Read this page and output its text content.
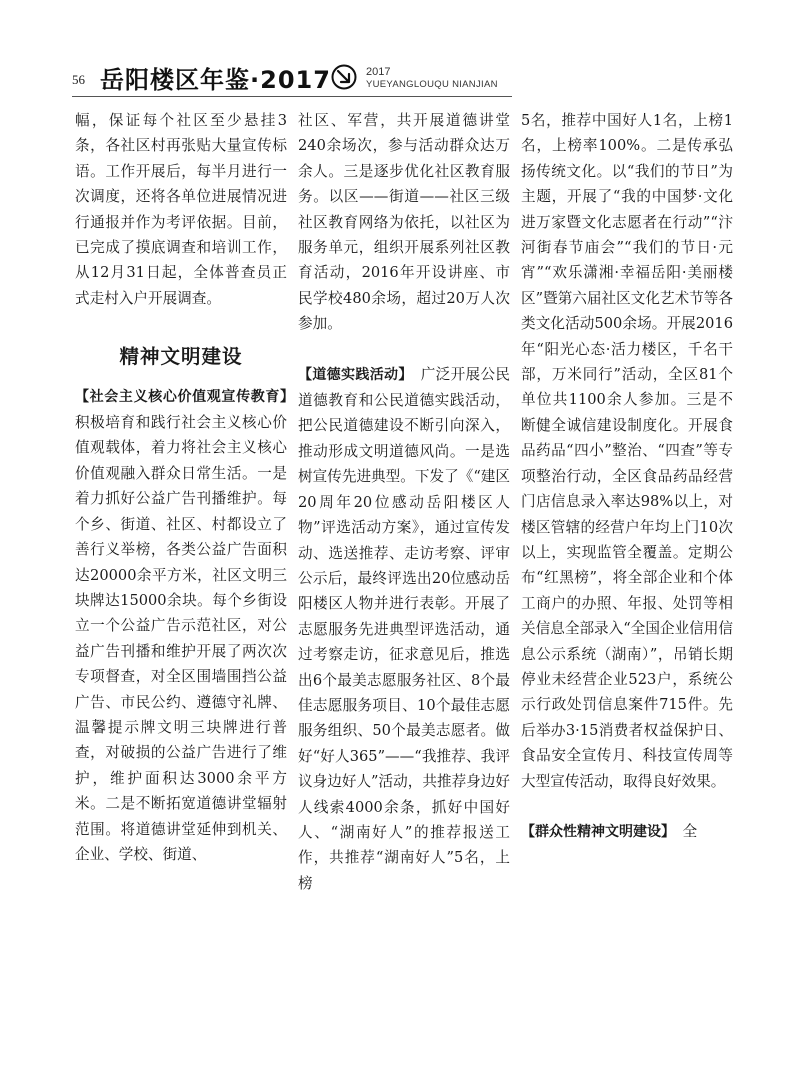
56 岳阳楼区年鉴·2017	2017
YUEYANGLOUQU NIANJIAN

幅，保证每个社区至少悬挂3条，各社区村再张贴大量宣传标语。工作开展后，每半月进行一次调度，还将各单位进展情况进行通报并作为考评依据。目前，已完成了摸底调查和培训工作，从12月31日起，全体普查员正式走村入户开展调查。

精神文明建设

【社会主义核心价值观宣传教育】　积极培育和践行社会主义核心价值观载体，着力将社会主义核心价值观融入群众日常生活。一是着力抓好公益广告刊播维护。每个乡、街道、社区、村都设立了善行义举榜，各类公益广告面积达20000余平方米，社区文明三块牌达15000余块。每个乡街设立一个公益广告示范社区，对公益广告刊播和维护开展了两次次专项督查，对全区围墙围挡公益广告、市民公约、遵德守礼牌、温馨提示牌文明三块牌进行普查，对破损的公益广告进行了维护，维护面积达3000余平方米。二是不断拓宽道德讲堂辐射范围。将道德讲堂延伸到机关、企业、学校、街道、

社区、军营，共开展道德讲堂240余场次，参与活动群众达万余人。三是逐步优化社区教育服务。以区——街道——社区三级社区教育网络为依托，以社区为服务单元，组织开展系列社区教育活动，2016年开设讲座、市民学校480余场，超过20万人次参加。

【道德实践活动】　 广泛开展公民道德教育和公民道德实践活动，把公民道德建设不断引向深入，推动形成文明道德风尚。一是选树宣传先进典型。下发了《“建区20周年20位感动岳阳楼区人物”评选活动方案》，通过宣传发动、选送推荐、走访考察、评审公示后，最终评选出20位感动岳阳楼区人物并进行表彰。开展了志愿服务先进典型评选活动，通过考察走访，征求意见后，推选出6个最美志愿服务社区、8个最佳志愿服务项目、10个最佳志愿服务组织、50个最美志愿者。做好“好人365”——“我推荐、我评议身边好人”活动，共推荐身边好人线索4000余条，抓好中国好人、“湖南好人”的推荐报送工作，共推荐“湖南好人”5名，上榜

5名，推荐中国好人1名，上榜1名，上榜率100%。二是传承弘扬传统文化。以“我们的节日”为主题，开展了“我的中国梦·文化进万家暨文化志愿者在行动”“汴河街春节庙会”“我们的节日·元宵”“欢乐潇湘·幸福岳阳·美丽楼区”暨第六届社区文化艺术节等各类文化活动500余场。开展2016年“阳光心态·活力楼区，千名干部，万米同行”活动，全区81个单位共1100余人参加。三是不断健全诚信建设制度化。开展食品药品“四小”整治、“四查”等专项整治行动，全区食品药品经营门店信息录入率达98%以上，对楼区管辖的经营户年均上门10次以上，实现监管全覆盖。定期公布“红黑榜”，将全部企业和个体工商户的办照、年报、处罚等相关信息全部录入“全国企业信用信息公示系统（湖南）”，吊销长期停业未经营企业523户，系统公示行政处罚信息案件715件。先后举办3·15消费者权益保护日、食品安全宣传月、科技宣传周等大型宣传活动，取得良好效果。

【群众性精神文明建设】　 全
